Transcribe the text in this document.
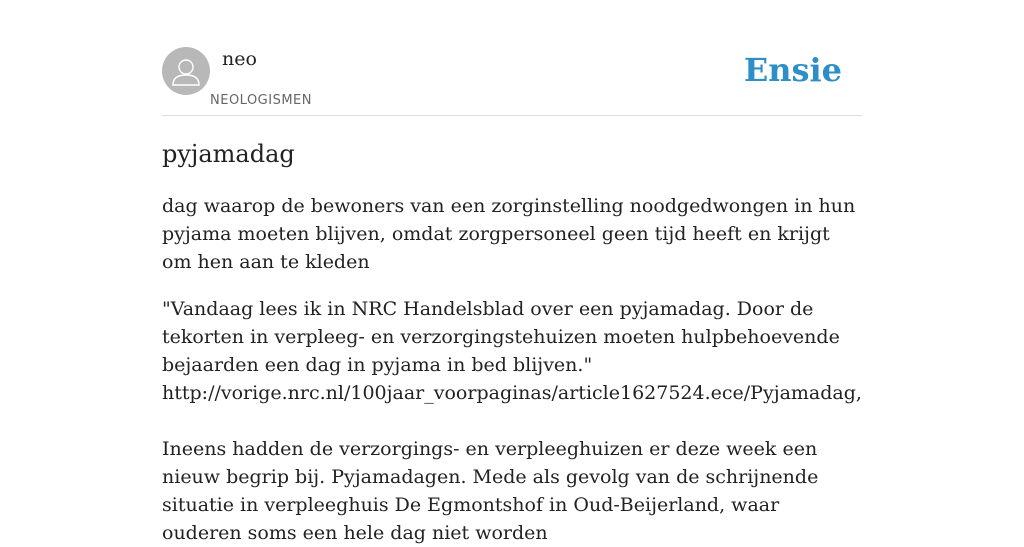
neo
NEOLOGISMEN
Ensie
pyjamadag

dag waarop de bewoners van een zorginstelling noodgedwongen in hun pyjama moeten blijven, omdat zorgpersoneel geen tijd heeft en krijgt om hen aan te kleden

"Vandaag lees ik in NRC Handelsblad over een pyjamadag. Door de tekorten in verpleeg- en verzorgingstehuizen moeten hulpbehoevende bejaarden een dag in pyjama in bed blijven."
http://vorige.nrc.nl/100jaar_voorpaginas/article1627524.ece/Pyjamadag,
Ineens hadden de verzorgings- en verpleeghuizen er deze week een nieuw begrip bij. Pyjamadagen. Mede als gevolg van de schrijnende situatie in verpleeghuis De Egmontshof in Oud-Beijerland, waar ouderen soms een hele dag niet worden
